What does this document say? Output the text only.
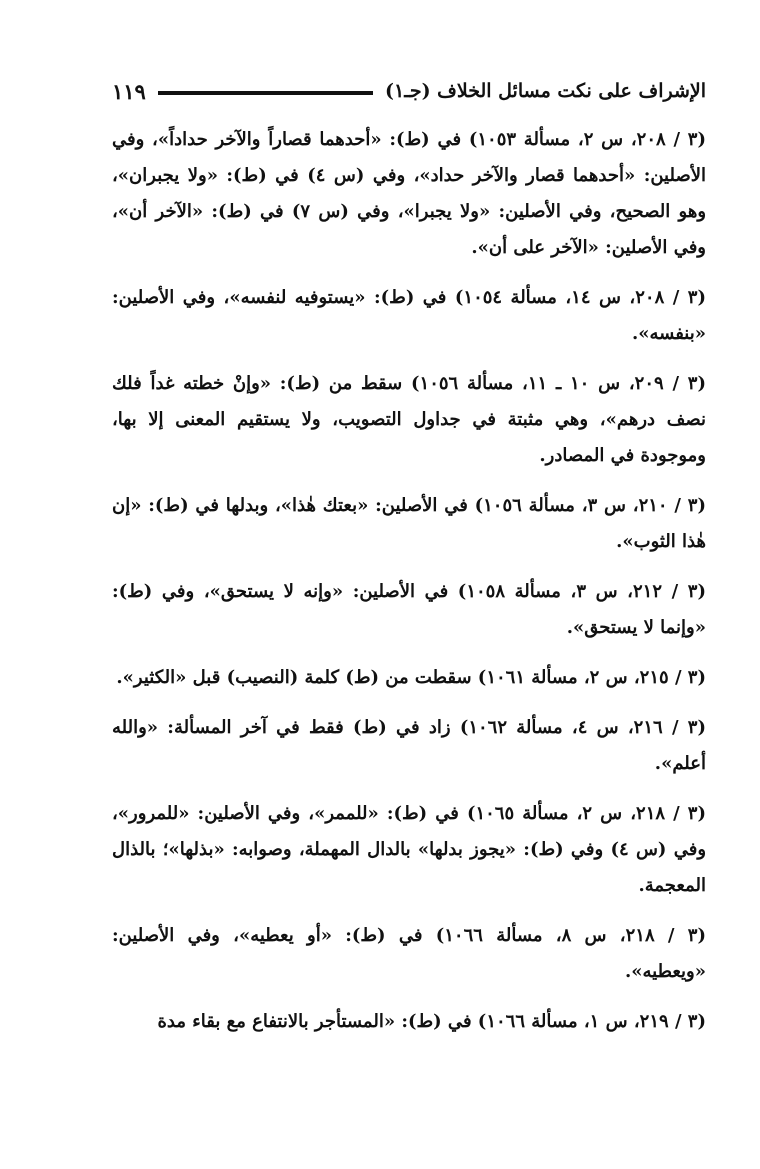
الإشراف على نكت مسائل الخلاف (جـ١)
١١٩

(٣ / ٢٠٨، س ٢، مسألة ١٠٥٣) في (ط): «أحدهما قصاراً والآخر حداداً»، وفي الأصلين: «أحدهما قصار والآخر حداد»، وفي (س ٤) في (ط): «ولا يجبران»، وهو الصحيح، وفي الأصلين: «ولا يجبرا»، وفي (س ٧) في (ط): «الآخر أن»، وفي الأصلين: «الآخر على أن».

(٣ / ٢٠٨، س ١٤، مسألة ١٠٥٤) في (ط): «يستوفيه لنفسه»، وفي الأصلين: «بنفسه».

(٣ / ٢٠٩، س ١٠ ـ ١١، مسألة ١٠٥٦) سقط من (ط): «وإنْ خطته غداً فلك نصف درهم»، وهي مثبتة في جداول التصويب، ولا يستقيم المعنى إلا بها، وموجودة في المصادر.

(٣ / ٢١٠، س ٣، مسألة ١٠٥٦) في الأصلين: «بعتك هٰذا»، وبدلها في (ط): «إن هٰذا الثوب».

(٣ / ٢١٢، س ٣، مسألة ١٠٥٨) في الأصلين: «وإنه لا يستحق»، وفي (ط): «وإنما لا يستحق».

(٣ / ٢١٥، س ٢، مسألة ١٠٦١) سقطت من (ط) كلمة (النصيب) قبل «الكثير».

(٣ / ٢١٦، س ٤، مسألة ١٠٦٢) زاد في (ط) فقط في آخر المسألة: «والله أعلم».

(٣ / ٢١٨، س ٢، مسألة ١٠٦٥) في (ط): «للممر»، وفي الأصلين: «للمرور»، وفي (س ٤) وفي (ط): «يجوز بدلها» بالدال المهملة، وصوابه: «بذلها»؛ بالذال المعجمة.

(٣ / ٢١٨، س ٨، مسألة ١٠٦٦) في (ط): «أو يعطيه»، وفي الأصلين: «ويعطيه».

(٣ / ٢١٩، س ١، مسألة ١٠٦٦) في (ط): «المستأجر بالانتفاع مع بقاء مدة
